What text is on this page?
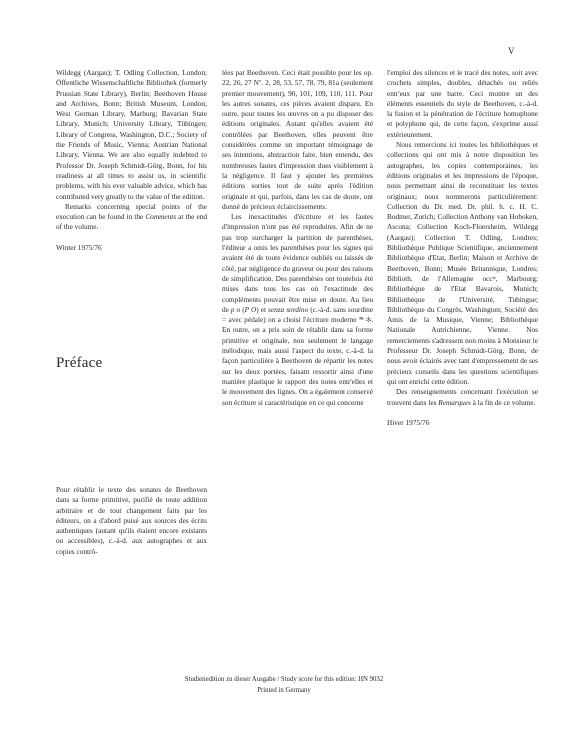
V

Wildegg (Aargau); T. Odling Collection, London; Öffentliche Wissenschaftliche Bibliothek (formerly Prussian State Library), Berlin; Beethoven House and Archives, Bonn; British Museum, London; West German Library, Marburg; Bavarian State Library, Munich; University Library, Tübingen; Library of Congress, Washington, D.C.; Society of the Friends of Music, Vienna; Austrian National Library, Vienna. We are also equally indebted to Professor Dr. Joseph Schmidt-Görg, Bonn, for his readiness at all times to assist us, in scientific problems, with his ever valuable advice, which has contributed very greatly to the value of the edition.

Remarks concerning special points of the execution can be found in the Comments at the end of the volume.

Winter 1975/76

Préface

Pour rétablir le texte des sonates de Beethoven dans sa forme primitive, purifié de toute addition arbitraire et de tout changement faits par les éditeurs, on a d'abord puisé aux sources des écrits authentiques (autant qu'ils étaient encore existants ou accessibles), c.-à-d. aux autographes et aux copies contrô-

lées par Beethoven. Ceci était possible pour les op. 22, 26, 27 Nº. 2, 28, 53, 57, 78, 79, 81a (seulement premier mouvement), 90, 101, 109, 110, 111. Pour les autres sonates, ces pièces avaient disparu. En outre, pour toutes les œuvres on a pu disposer des éditions originales. Autant qu'elles avaient été contrôlées par Beethoven, elles peuvent être considérées comme un important témoignage de ses intentions, abstraction faite, bien entendu, des nombreuses fautes d'impression dues visiblement à la négligence. Il faut y ajouter les premières éditions sorties tout de suite après l'édition originale et qui, parfois, dans les cas de doute, ont donné de précieux éclaircissements.

Les inexactitudes d'écriture et les fautes d'impression n'ont pas été reproduites. Afin de ne pas trop surcharger la partition de parenthèses, l'éditeur a omis les parenthèses pour les signes qui avaient été de toute évidence oubliés ou laissés de côté, par négligence du graveur ou pour des raisons de simplification. Des parenthèses ont toutefois été mises dans tous les cas où l'exactitude des compléments pouvait être mise en doute. Au lieu de p o (P O) et senza sordino (c.-à-d. sans sourdine = avec pédale) on a choisi l'écriture moderne 𝆮 ✻. En outre, on a pris soin de rétablir dans sa forme primitive et originale, non seulement le langage mélodique, mais aussi l'aspect du texte, c.-à-d. la façon particulière à Beethoven de répartir les notes sur les deux portées, faisant ressortir ainsi d'une manière plastique le rapport des notes entr'elles et le mouvement des lignes. On a également conservé son écriture si caractéristique en ce qui concerne

l'emploi des silences et le tracé des notes, soit avec crochets simples, doubles, détachés ou reliés entr'eux par une barre. Ceci montre un des éléments essentiels du style de Beethoven, c.-à-d. la fusion et la pénétration de l'écriture homophone et polyphone qui, de cette façon, s'exprime aussi extérieurement.

Nous remercions ici toutes les bibliothèques et collections qui ont mis à notre disposition les autographes, les copies contemporaines, les éditions originales et les impressions de l'époque, nous permettant ainsi de reconstituer les textes originaux; nous nommerons particulièrement: Collection du Dr. med. Dr. phil. h. c. H. C. Bodmer, Zurich; Collection Anthony van Hoboken, Ascona; Collection Koch-Floersheim, Wildegg (Aargau); Collection T. Odling, Londres; Bibliothèque Publique Scientifique, anciennement Bibliothèque d'Etat, Berlin; Maison et Archive de Beethoven, Bonn; Musée Britannique, Londres; Biblioth. de l'Allemagne occᵗᵉ, Marbourg; Bibliothèque de l'Etat Bavarois, Munich; Bibliothèque de l'Université, Tubingue; Bibliothèque du Congrès, Washington; Société des Amis de la Musique, Vienne; Bibliothèque Nationale Autrichienne, Vienne. Nos remerciements s'adressent non moins à Monsieur le Professeur Dr. Joseph Schmidt-Görg, Bonn, de nous avoir éclairés avec tant d'empressement de ses précieux conseils dans les questions scientifiques qui ont enrichi cette édition.

Des renseignements concernant l'exécution se trouvent dans les Remarques à la fin de ce volume.

Hiver 1975/76

Studienedition zu dieser Ausgabe / Study score for this edition: HN 9032
Printed in Germany
